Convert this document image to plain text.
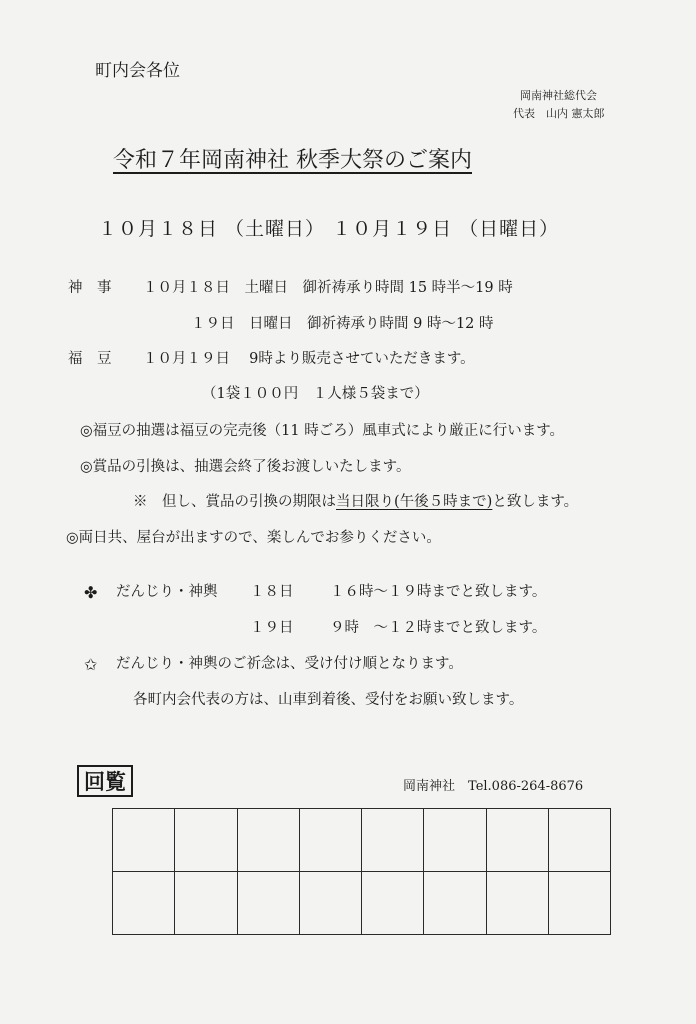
町内会各位
岡南神社総代会
代表　山内 憲太郎
令和７年岡南神社 秋季大祭のご案内
１０月１８日 （土曜日） １０月１９日 （日曜日）
神　事 １０月１８日　土曜日　御祈祷承り時間 15 時半～19 時
１９日　日曜日　御祈祷承り時間 9 時～12 時
福　豆 １０月１９日　 9時より販売させていただきます。
（1袋１００円　１人様５袋まで）
◎福豆の抽選は福豆の完売後（11 時ごろ）風車式により厳正に行います。
◎賞品の引換は、抽選会終了後お渡しいたします。
※　但し、賞品の引換の期限は当日限り(午後５時まで)と致します。
◎両日共、屋台が出ますので、楽しんでお参りください。
✤ だんじり・神輿 １８日	１６時～１９時までと致します。
１９日	９時　～１２時までと致します。
✩ だんじり・神輿のご祈念は、受け付け順となります。
各町内会代表の方は、山車到着後、受付をお願い致します。
回覧	岡南神社　 Tel.086-264-8676
